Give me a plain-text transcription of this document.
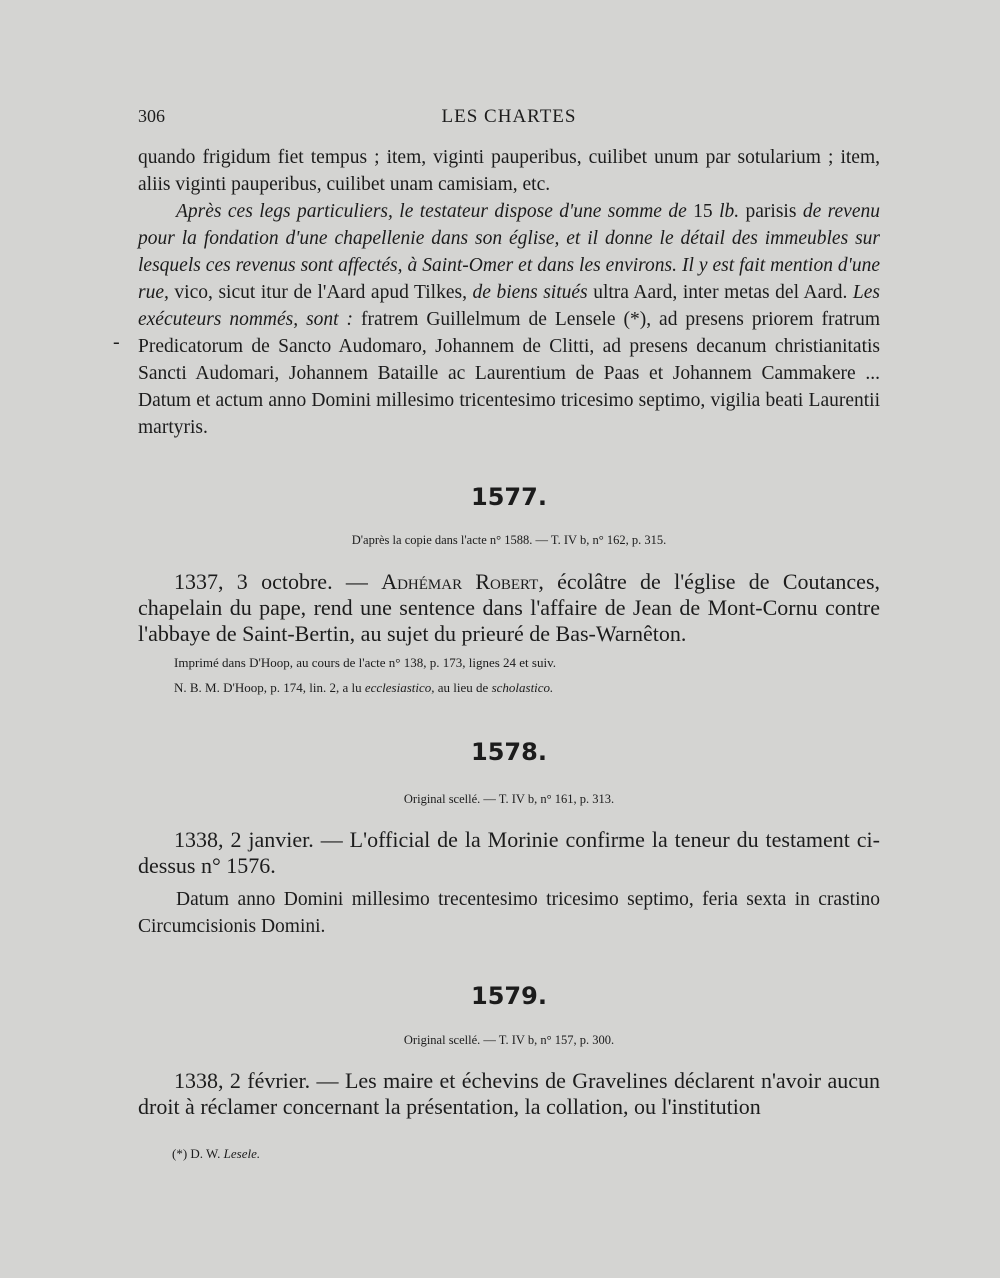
306	LES CHARTES

quando frigidum fiet tempus ; item, viginti pauperibus, cuilibet unum par sotularium ; item, aliis viginti pauperibus, cuilibet unam camisiam, etc.

Après ces legs particuliers, le testateur dispose d'une somme de 15 lb. parisis de revenu pour la fondation d'une chapellenie dans son église, et il donne le détail des immeubles sur lesquels ces revenus sont affectés, à Saint-Omer et dans les environs. Il y est fait mention d'une rue, vico, sicut itur de l'Aard apud Tilkes, de biens situés ultra Aard, inter metas del Aard. Les exécuteurs nommés, sont : fratrem Guillelmum de Lensele (*), ad presens priorem fratrum Predicatorum de Sancto Audomaro, Johannem de Clitti, ad presens decanum christianitatis Sancti Audomari, Johannem Bataille ac Laurentium de Paas et Johannem Cammakere ... Datum et actum anno Domini millesimo tricentesimo tricesimo septimo, vigilia beati Laurentii martyris.

-
1577.
D'après la copie dans l'acte n° 1588. — T. IV b, n° 162, p. 315.
1337, 3 octobre. — Adhémar Robert, écolâtre de l'église de Coutances, chapelain du pape, rend une sentence dans l'affaire de Jean de Mont-Cornu contre l'abbaye de Saint-Bertin, au sujet du prieuré de Bas-Warnêton.
Imprimé dans D'Hoop, au cours de l'acte n° 138, p. 173, lignes 24 et suiv.
N. B. M. D'Hoop, p. 174, lin. 2, a lu ecclesiastico, au lieu de scholastico.
1578.
Original scellé. — T. IV b, n° 161, p. 313.
1338, 2 janvier. — L'official de la Morinie confirme la teneur du testament ci-dessus n° 1576.

Datum anno Domini millesimo trecentesimo tricesimo septimo, feria sexta in crastino Circumcisionis Domini.

1579.
Original scellé. — T. IV b, n° 157, p. 300.
1338, 2 février. — Les maire et échevins de Gravelines déclarent n'avoir aucun droit à réclamer concernant la présentation, la collation, ou l'institution
(*) D. W. Lesele.
